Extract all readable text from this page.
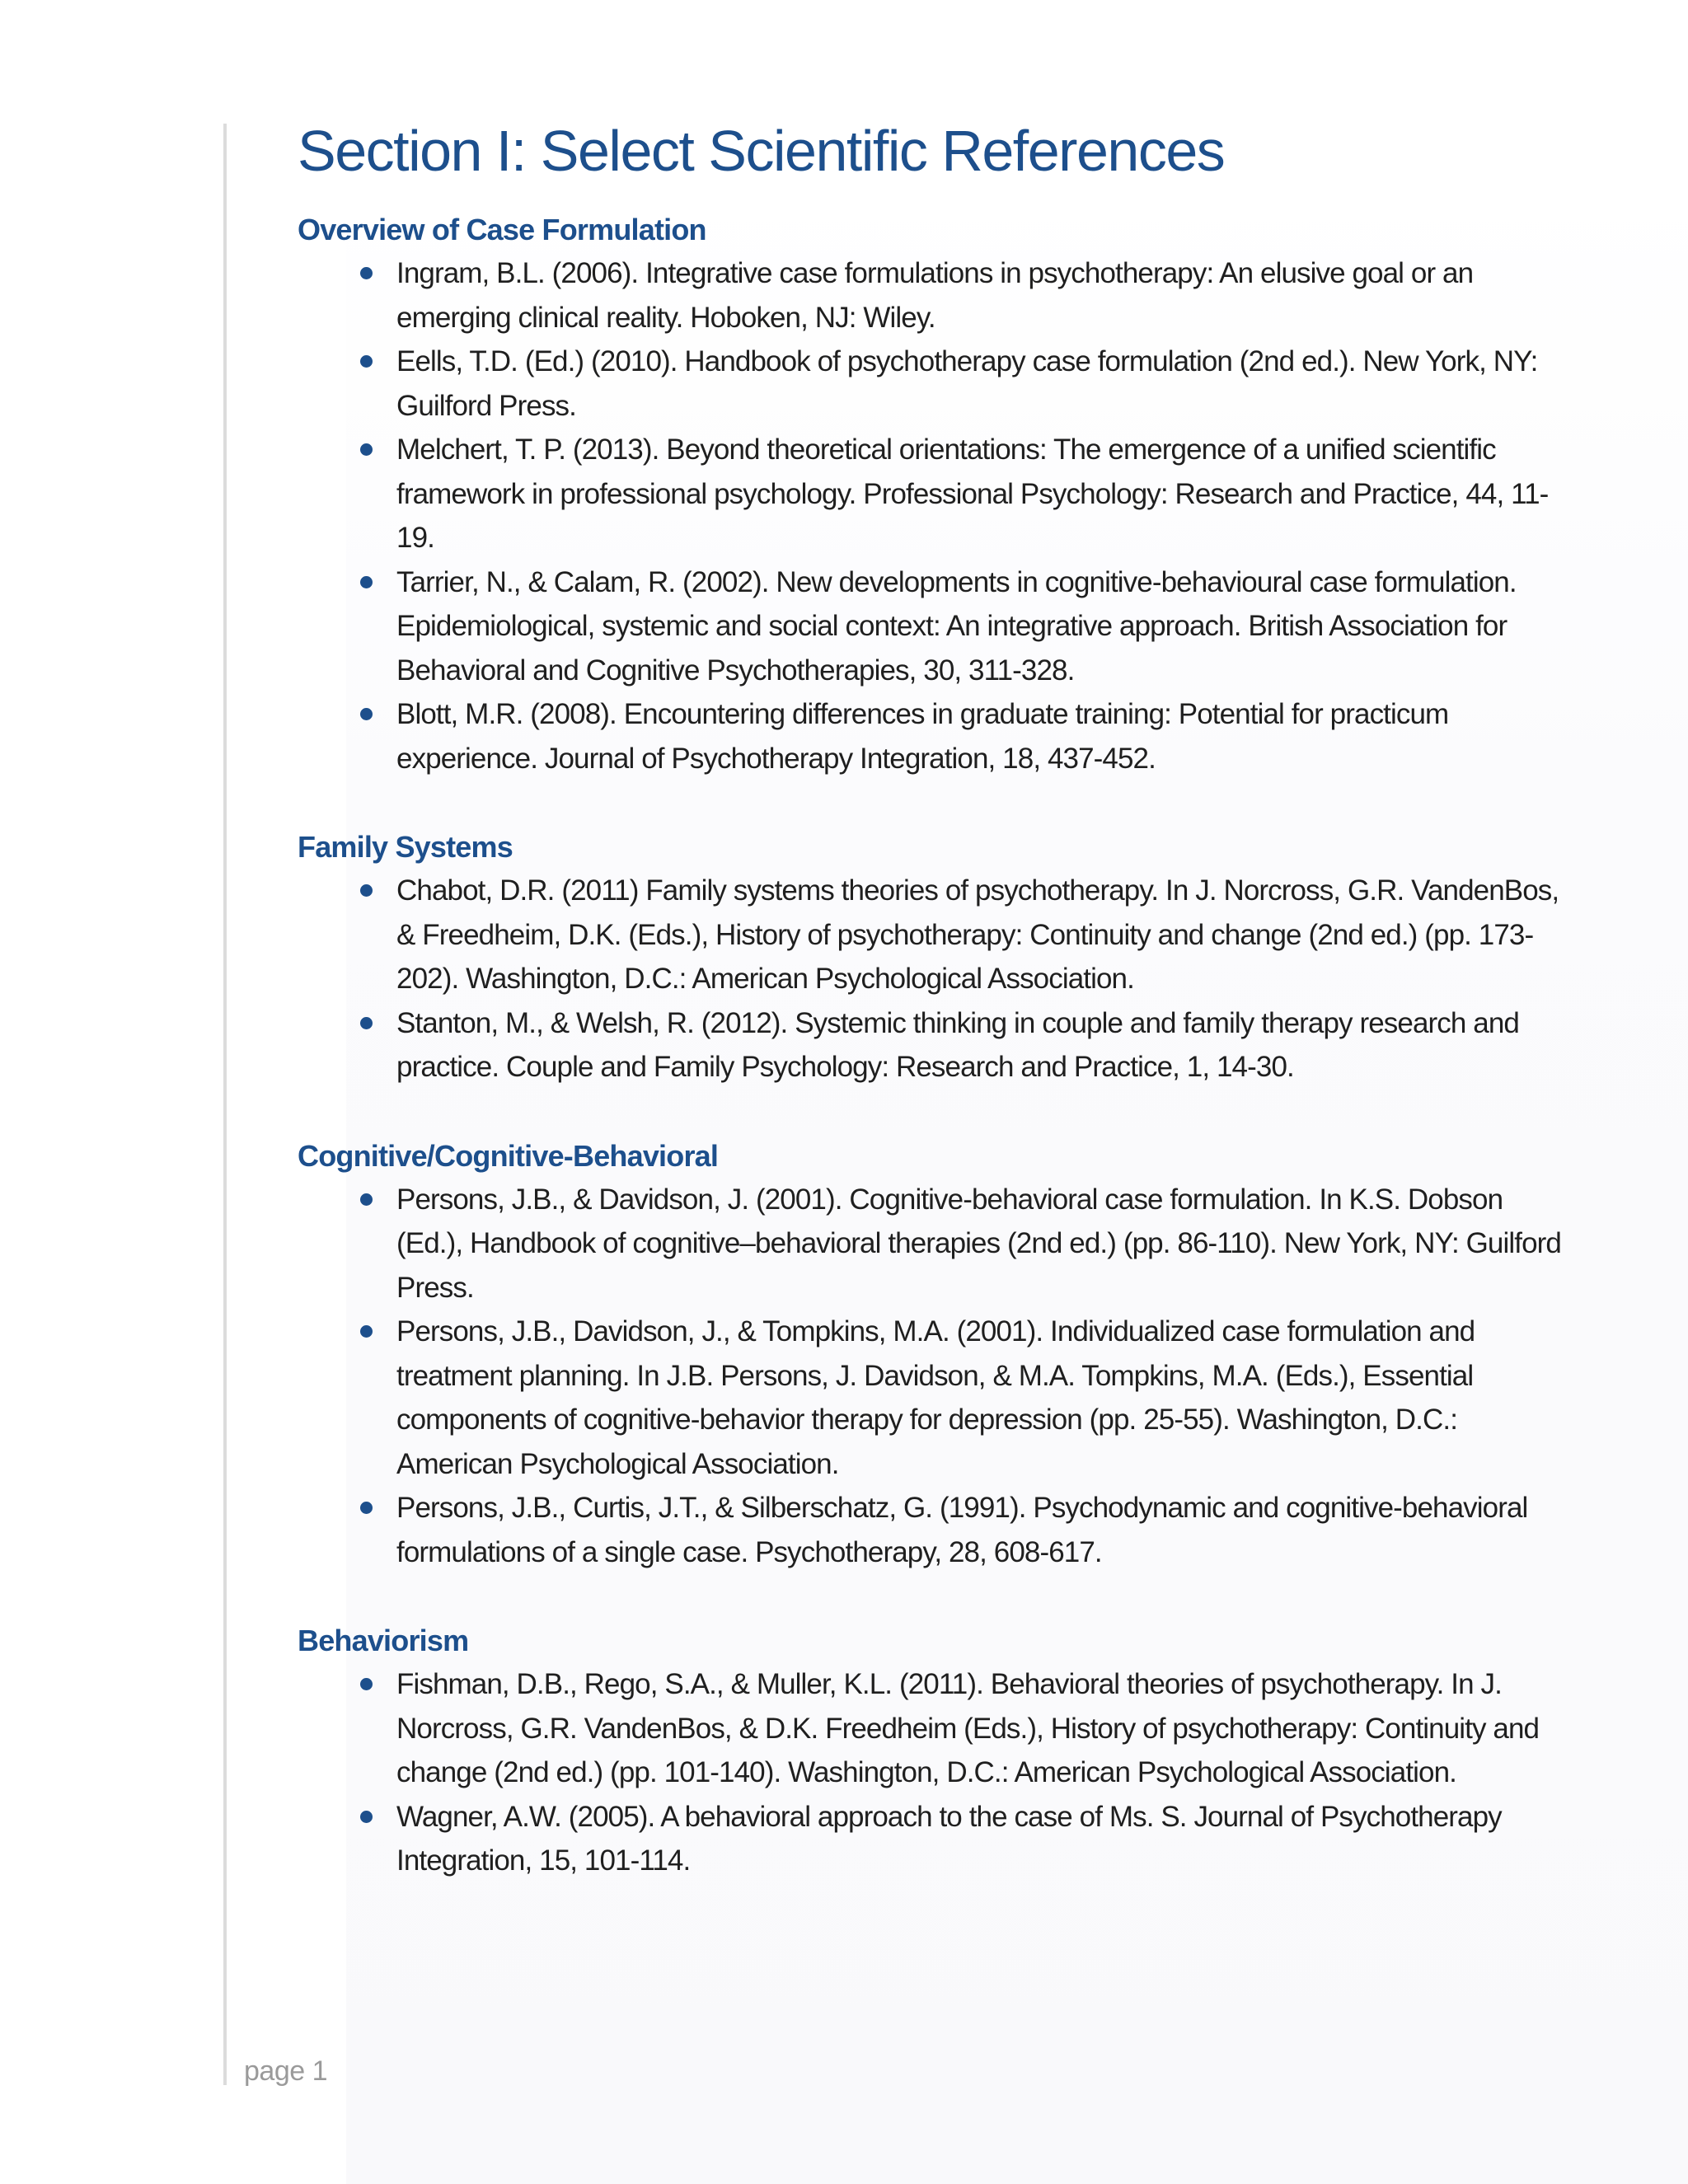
Section I: Select Scientific References
Overview of Case Formulation
Ingram, B.L. (2006). Integrative case formulations in psychotherapy: An elusive goal or an emerging clinical reality. Hoboken, NJ: Wiley.
Eells, T.D. (Ed.) (2010). Handbook of psychotherapy case formulation (2nd ed.). New York, NY: Guilford Press.
Melchert, T. P. (2013). Beyond theoretical orientations: The emergence of a unified scientific framework in professional psychology. Professional Psychology: Research and Practice, 44, 11-19.
Tarrier, N., & Calam, R. (2002). New developments in cognitive-behavioural case formulation. Epidemiological, systemic and social context: An integrative approach. British Association for Behavioral and Cognitive Psychotherapies, 30, 311-328.
Blott, M.R. (2008). Encountering differences in graduate training: Potential for practicum experience. Journal of Psychotherapy Integration, 18, 437-452.
Family Systems
Chabot, D.R. (2011) Family systems theories of psychotherapy. In J. Norcross, G.R. VandenBos, & Freedheim, D.K. (Eds.), History of psychotherapy: Continuity and change (2nd ed.) (pp. 173-202). Washington, D.C.: American Psychological Association.
Stanton, M., & Welsh, R. (2012). Systemic thinking in couple and family therapy research and practice. Couple and Family Psychology: Research and Practice, 1, 14-30.
Cognitive/Cognitive-Behavioral
Persons, J.B., & Davidson, J. (2001). Cognitive-behavioral case formulation. In K.S. Dobson (Ed.), Handbook of cognitive–behavioral therapies (2nd ed.) (pp. 86-110). New York, NY: Guilford Press.
Persons, J.B., Davidson, J., & Tompkins, M.A. (2001). Individualized case formulation and treatment planning. In J.B. Persons, J. Davidson, & M.A. Tompkins, M.A. (Eds.), Essential components of cognitive-behavior therapy for depression (pp. 25-55). Washington, D.C.: American Psychological Association.
Persons, J.B., Curtis, J.T., & Silberschatz, G. (1991). Psychodynamic and cognitive-behavioral formulations of a single case. Psychotherapy, 28, 608-617.
Behaviorism
Fishman, D.B., Rego, S.A., & Muller, K.L. (2011). Behavioral theories of psychotherapy. In J. Norcross, G.R. VandenBos, & D.K. Freedheim (Eds.), History of psychotherapy: Continuity and change (2nd ed.) (pp. 101-140). Washington, D.C.: American Psychological Association.
Wagner, A.W. (2005). A behavioral approach to the case of Ms. S. Journal of Psychotherapy Integration, 15, 101-114.
page 1
